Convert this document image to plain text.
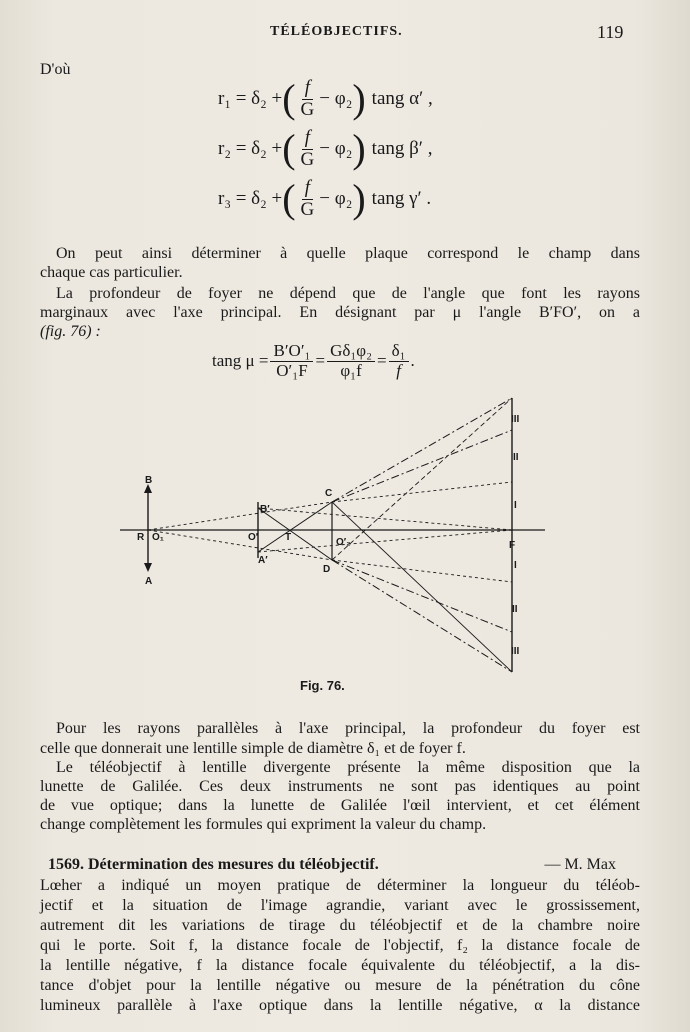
TÉLÉOBJECTIFS.	119
D'où
r₁ = δ₂ + ( $\frac{f}{G} - \varphi_2$ ) tang α′ ,
r₂ = δ₂ + ( $\frac{f}{G} - \varphi_2$ ) tang β′ ,
r₃ = δ₂ + ( $\frac{f}{G} - \varphi_2$ ) tang γ′ .
On peut ainsi déterminer à quelle plaque correspond le champ dans
chaque cas particulier.
La profondeur de foyer ne dépend que de l'angle que font les rayons
marginaux avec l'axe principal. En désignant par μ l'angle B′FO′, on a
(fig. 76) :
tang $\mu = \frac{\text{B′O′₁}}{\text{O′₁F}} = \frac{\text{Gδ₁φ₂}}{\text{φ₁f}} = \frac{\text{δ₁}}{f}$ .
B
A
R O₁
B′
O′
A′
T
C
D
O′₂	F
III
II
I
I
II
III
Fig. 76.
Pour les rayons parallèles à l'axe principal, la profondeur du foyer est
celle que donnerait une lentille simple de diamètre δ₁ et de foyer f.
Le téléobjectif à lentille divergente présente la même disposition que la
lunette de Galilée. Ces deux instruments ne sont pas identiques au point
de vue optique; dans la lunette de Galilée l'œil intervient, et cet élément
change complètement les formules qui expriment la valeur du champ.
1569. Détermination des mesures du téléobjectif.	— M. Max
Lœher a indiqué un moyen pratique de déterminer la longueur du téléob-
jectif et la situation de l'image agrandie, variant avec le grossissement,
autrement dit les variations de tirage du téléobjectif et de la chambre noire
qui le porte. Soit f, la distance focale de l'objectif, f₂ la distance focale de
la lentille négative, f la distance focale équivalente du téléobjectif, a la dis-
tance d'objet pour la lentille négative ou mesure de la pénétration du cône
lumineux parallèle à l'axe optique dans la lentille négative, α la distance
